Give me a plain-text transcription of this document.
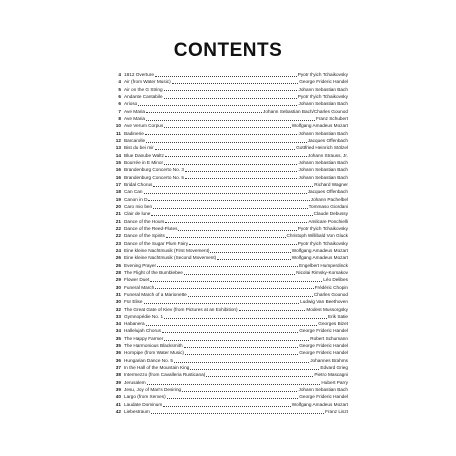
CONTENTS
4 1812 Overture	Pyotr Il'yich Tchaikovsky
4 Air (from Water Music)	George Frideric Handel
5 Air on the G String	Johann Sebastian Bach
6 Andante Cantabile	Pyotr Il'yich Tchaikovsky
6 Arioso	Johann Sebastian Bach
7 Ave Maria	Johann Sebastian Bach/Charles Gounod
8 Ave Maria	Franz Schubert
10 Ave Verum Corpus	Wolfgang Amadeus Mozart
11 Badinerie	Johann Sebastian Bach
12 Barcarolle	Jacques Offenbach
13 Bist du bei mir	Gottfried Heinrich Stölzel
14 Blue Danube Waltz	Johann Strauss, Jr.
15 Bourrée in E Minor	Johann Sebastian Bach
16 Brandenburg Concerto No. 3	Johann Sebastian Bach
16 Brandenburg Concerto No. 5	Johann Sebastian Bach
17 Bridal Chorus	Richard Wagner
18 Can Can	Jacques Offenbach
19 Canon in D	Johann Pachelbel
20 Caro mio ben	Tommaso Giordani
21 Clair de lune	Claude Debussy
21 Dance of the Hours	Amilcare Ponchielli
22 Dance of the Reed-Flutes	Pyotr Il'yich Tchaikovsky
22 Dance of the Spirits	Christoph Willibald Von Gluck
23 Dance of the Sugar Plum Fairy	Pyotr Il'yich Tchaikovsky
24 Eine kleine Nachtmusik (First Movement)	Wolfgang Amadeus Mozart
26 Eine kleine Nachtmusik (Second Movement)	Wolfgang Amadeus Mozart
26 Evening Prayer	Engelbert Humperdinck
28 The Flight of the Bumblebee	Nicolai Rimsky-Korsakov
29 Flower Duet	Léo Delibes
30 Funeral March	Frédéric Chopin
31 Funeral March of a Marionette	Charles Gounod
30 Für Elise	Ludwig Van Beethoven
32 The Great Gate of Kiev (from Pictures at an Exhibition)	Modest Mussorgsky
33 Gymnopédie No. 1	Erik Satie
34 Habanera	Georges Bizet
34 Hallelujah Chorus	George Frideric Handel
35 The Happy Farmer	Robert Schumann
35 The Harmonious Blacksmith	George Frideric Handel
36 Hornpipe (from Water Music)	George Frideric Handel
36 Hungarian Dance No. 5	Johannes Brahms
37 In the Hall of the Mountain King	Edvard Grieg
38 Intermezzo (from Cavalleria Rusticana)	Pietro Mascagni
39 Jerusalem	Hubert Parry
39 Jesu, Joy of Man's Desiring	Johann Sebastian Bach
40 Largo (from Xerxes)	George Frideric Handel
41 Laudate Dominum	Wolfgang Amadeus Mozart
42 Liebestraum	Franz Liszt
